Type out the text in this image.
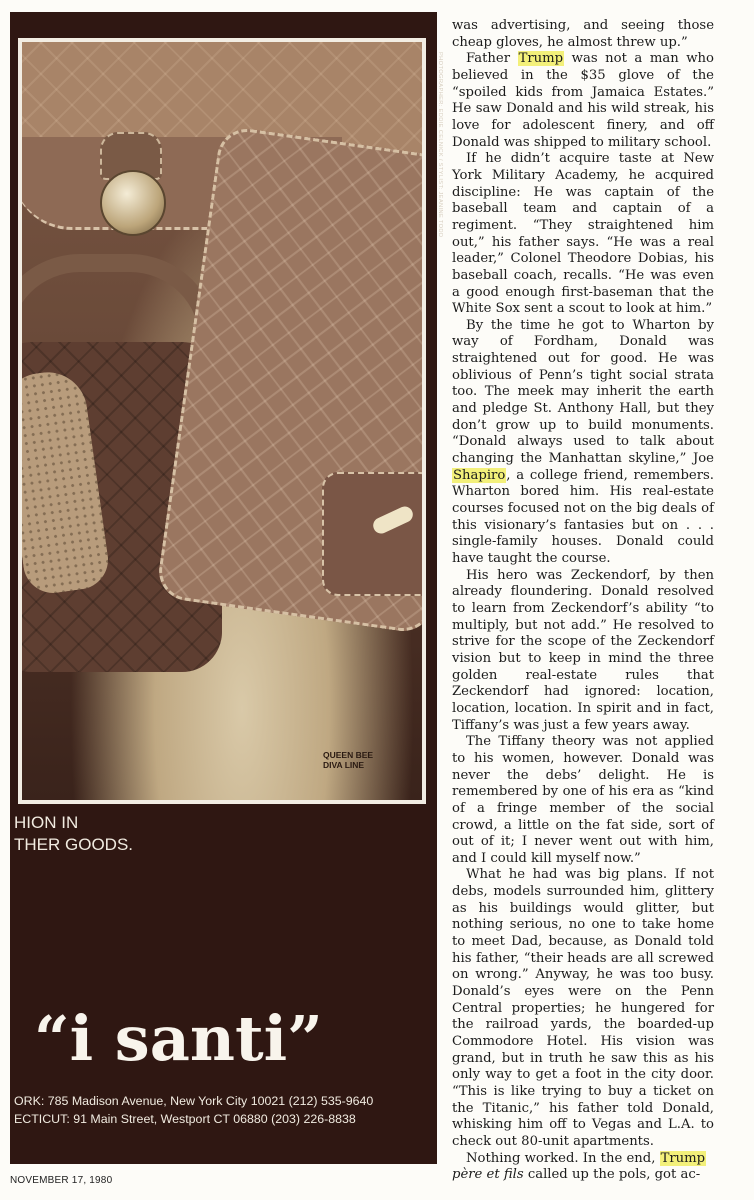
QUEEN BEE
DIVA LINE
PHOTOGRAPHER: EDDIE CELNICK / STYLIST: JEANINE TODD
HION IN
THER GOODS.
“i santi”
ORK: 785 Madison Avenue, New York City 10021 (212) 535-9640
ECTICUT: 91 Main Street, Westport CT 06880 (203) 226-8838

was advertising, and seeing those cheap gloves, he almost threw up.”

Father Trump was not a man who believed in the $35 glove of the “spoiled kids from Jamaica Estates.” He saw Donald and his wild streak, his love for adolescent finery, and off Donald was shipped to military school.

If he didn’t acquire taste at New York Military Academy, he acquired discipline: He was captain of the baseball team and captain of a regiment. “They straightened him out,” his father says. “He was a real leader,” Colonel Theodore Dobias, his baseball coach, recalls. “He was even a good enough first-baseman that the White Sox sent a scout to look at him.”

By the time he got to Wharton by way of Fordham, Donald was straightened out for good. He was oblivious of Penn’s tight social strata too. The meek may inherit the earth and pledge St. Anthony Hall, but they don’t grow up to build monuments. “Donald always used to talk about changing the Manhattan skyline,” Joe Shapiro, a college friend, remembers. Wharton bored him. His real-estate courses focused not on the big deals of this visionary’s fantasies but on . . . single-family houses. Donald could have taught the course.

His hero was Zeckendorf, by then already floundering. Donald resolved to learn from Zeckendorf’s ability “to multiply, but not add.” He resolved to strive for the scope of the Zeckendorf vision but to keep in mind the three golden real-estate rules that Zeckendorf had ignored: location, location, location. In spirit and in fact, Tiffany’s was just a few years away.

The Tiffany theory was not applied to his women, however. Donald was never the debs’ delight. He is remembered by one of his era as “kind of a fringe member of the social crowd, a little on the fat side, sort of out of it; I never went out with him, and I could kill myself now.”

What he had was big plans. If not debs, models surrounded him, glittery as his buildings would glitter, but nothing serious, no one to take home to meet Dad, because, as Donald told his father, “their heads are all screwed on wrong.” Anyway, he was too busy. Donald’s eyes were on the Penn Central properties; he hungered for the railroad yards, the boarded-up Commodore Hotel. His vision was grand, but in truth he saw this as his only way to get a foot in the city door. “This is like trying to buy a ticket on the Titanic,” his father told Donald, whisking him off to Vegas and L.A. to check out 80-unit apartments.

Nothing worked. In the end, Trump
père et fils called up the pols, got ac-

NOVEMBER 17, 1980
